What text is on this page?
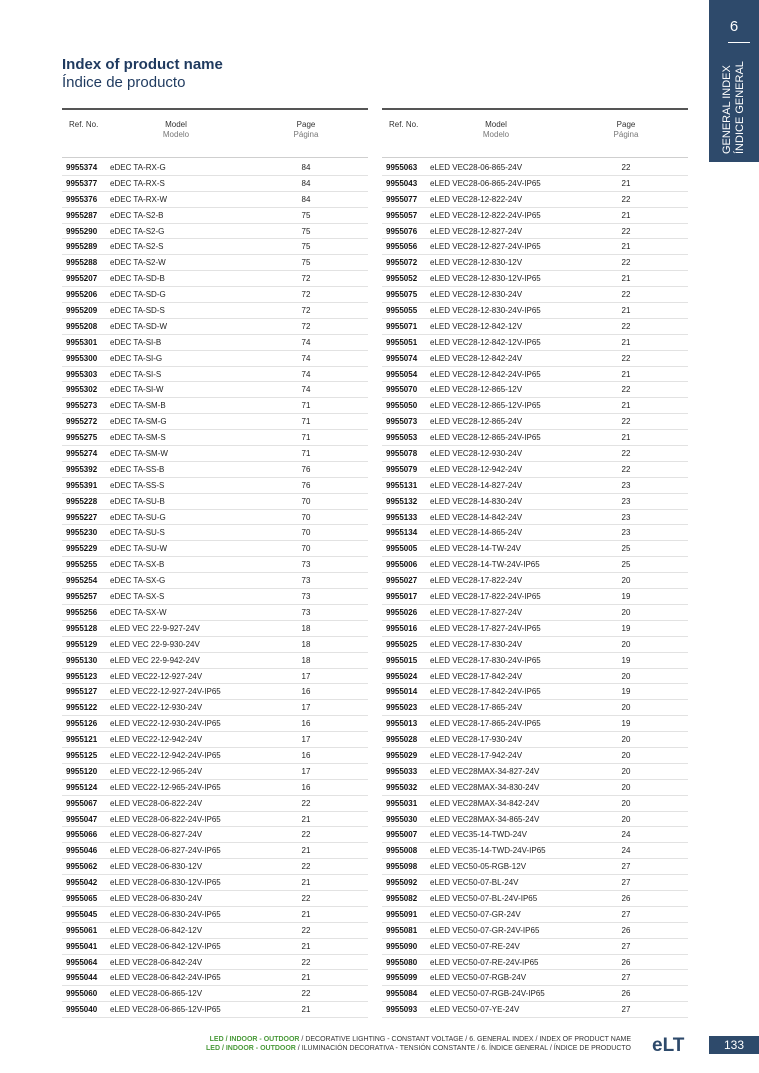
Index of product name
Índice de producto
6
GENERAL INDEX
ÍNDICE GENERAL
Ref. No.	Model
Modelo
Page
Página
9955374 eDEC TA-RX-G	84
9955377 eDEC TA-RX-S	84
9955376 eDEC TA-RX-W	84
9955287 eDEC TA-S2-B	75
9955290 eDEC TA-S2-G	75
9955289 eDEC TA-S2-S	75
9955288 eDEC TA-S2-W	75
9955207 eDEC TA-SD-B	72
9955206 eDEC TA-SD-G	72
9955209 eDEC TA-SD-S	72
9955208 eDEC TA-SD-W	72
9955301 eDEC TA-SI-B	74
9955300 eDEC TA-SI-G	74
9955303 eDEC TA-SI-S	74
9955302 eDEC TA-SI-W	74
9955273 eDEC TA-SM-B	71
9955272 eDEC TA-SM-G	71
9955275 eDEC TA-SM-S	71
9955274 eDEC TA-SM-W	71
9955392 eDEC TA-SS-B	76
9955391 eDEC TA-SS-S	76
9955228 eDEC TA-SU-B	70
9955227 eDEC TA-SU-G	70
9955230 eDEC TA-SU-S	70
9955229 eDEC TA-SU-W	70
9955255 eDEC TA-SX-B	73
9955254 eDEC TA-SX-G	73
9955257 eDEC TA-SX-S	73
9955256 eDEC TA-SX-W	73
9955128 eLED VEC 22-9-927-24V	18
9955129 eLED VEC 22-9-930-24V	18
9955130 eLED VEC 22-9-942-24V	18
9955123 eLED VEC22-12-927-24V	17
9955127 eLED VEC22-12-927-24V-IP65	16
9955122 eLED VEC22-12-930-24V	17
9955126 eLED VEC22-12-930-24V-IP65	16
9955121 eLED VEC22-12-942-24V	17
9955125 eLED VEC22-12-942-24V-IP65	16
9955120 eLED VEC22-12-965-24V	17
9955124 eLED VEC22-12-965-24V-IP65	16
9955067 eLED VEC28-06-822-24V	22
9955047 eLED VEC28-06-822-24V-IP65	21
9955066 eLED VEC28-06-827-24V	22
9955046 eLED VEC28-06-827-24V-IP65	21
9955062 eLED VEC28-06-830-12V	22
9955042 eLED VEC28-06-830-12V-IP65	21
9955065 eLED VEC28-06-830-24V	22
9955045 eLED VEC28-06-830-24V-IP65	21
9955061 eLED VEC28-06-842-12V	22
9955041 eLED VEC28-06-842-12V-IP65	21
9955064 eLED VEC28-06-842-24V	22
9955044 eLED VEC28-06-842-24V-IP65	21
9955060 eLED VEC28-06-865-12V	22
9955040 eLED VEC28-06-865-12V-IP65	21
Ref. No.	Model
Modelo
Page
Página
9955063 eLED VEC28-06-865-24V	22
9955043 eLED VEC28-06-865-24V-IP65	21
9955077 eLED VEC28-12-822-24V	22
9955057 eLED VEC28-12-822-24V-IP65	21
9955076 eLED VEC28-12-827-24V	22
9955056 eLED VEC28-12-827-24V-IP65	21
9955072 eLED VEC28-12-830-12V	22
9955052 eLED VEC28-12-830-12V-IP65	21
9955075 eLED VEC28-12-830-24V	22
9955055 eLED VEC28-12-830-24V-IP65	21
9955071 eLED VEC28-12-842-12V	22
9955051 eLED VEC28-12-842-12V-IP65	21
9955074 eLED VEC28-12-842-24V	22
9955054 eLED VEC28-12-842-24V-IP65	21
9955070 eLED VEC28-12-865-12V	22
9955050 eLED VEC28-12-865-12V-IP65	21
9955073 eLED VEC28-12-865-24V	22
9955053 eLED VEC28-12-865-24V-IP65	21
9955078 eLED VEC28-12-930-24V	22
9955079 eLED VEC28-12-942-24V	22
9955131 eLED VEC28-14-827-24V	23
9955132 eLED VEC28-14-830-24V	23
9955133 eLED VEC28-14-842-24V	23
9955134 eLED VEC28-14-865-24V	23
9955005 eLED VEC28-14-TW-24V	25
9955006 eLED VEC28-14-TW-24V-IP65	25
9955027 eLED VEC28-17-822-24V	20
9955017 eLED VEC28-17-822-24V-IP65	19
9955026 eLED VEC28-17-827-24V	20
9955016 eLED VEC28-17-827-24V-IP65	19
9955025 eLED VEC28-17-830-24V	20
9955015 eLED VEC28-17-830-24V-IP65	19
9955024 eLED VEC28-17-842-24V	20
9955014 eLED VEC28-17-842-24V-IP65	19
9955023 eLED VEC28-17-865-24V	20
9955013 eLED VEC28-17-865-24V-IP65	19
9955028 eLED VEC28-17-930-24V	20
9955029 eLED VEC28-17-942-24V	20
9955033 eLED VEC28MAX-34-827-24V	20
9955032 eLED VEC28MAX-34-830-24V	20
9955031 eLED VEC28MAX-34-842-24V	20
9955030 eLED VEC28MAX-34-865-24V	20
9955007 eLED VEC35-14-TWD-24V	24
9955008 eLED VEC35-14-TWD-24V-IP65	24
9955098 eLED VEC50-05-RGB-12V	27
9955092 eLED VEC50-07-BL-24V	27
9955082 eLED VEC50-07-BL-24V-IP65	26
9955091 eLED VEC50-07-GR-24V	27
9955081 eLED VEC50-07-GR-24V-IP65	26
9955090 eLED VEC50-07-RE-24V	27
9955080 eLED VEC50-07-RE-24V-IP65	26
9955099 eLED VEC50-07-RGB-24V	27
9955084 eLED VEC50-07-RGB-24V-IP65	26
9955093 eLED VEC50-07-YE-24V	27
LED / INDOOR - OUTDOOR / DECORATIVE LIGHTING - CONSTANT VOLTAGE / 6. GENERAL INDEX / INDEX OF PRODUCT NAME
LED / INDOOR - OUTDOOR / ILUMINACIÓN DECORATIVA - TENSIÓN CONSTANTE / 6. ÍNDICE GENERAL / ÍNDICE DE PRODUCTO eLT	133
